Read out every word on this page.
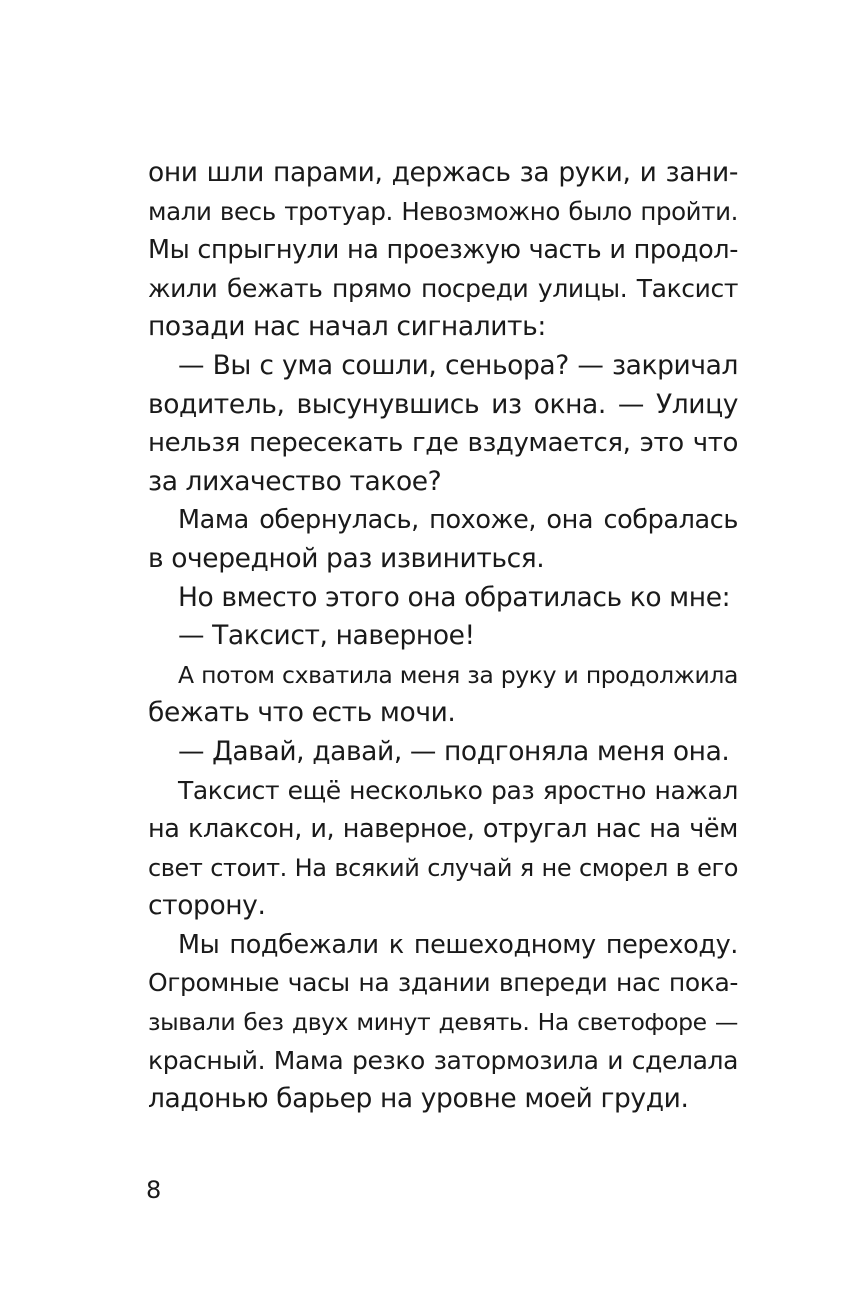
они шли парами, держась за руки, и зани-
мали весь тротуар. Невозможно было пройти.
Мы спрыгнули на проезжую часть и продол-
жили бежать прямо посреди улицы. Таксист
позади нас начал сигналить:
— Вы с ума сошли, сеньора? — закричал
водитель, высунувшись из окна. — Улицу
нельзя пересекать где вздумается, это что
за лихачество такое?
Мама обернулась, похоже, она собралась
в очередной раз извиниться.
Но вместо этого она обратилась ко мне:
— Таксист, наверное!
А потом схватила меня за руку и продолжила
бежать что есть мочи.
— Давай, давай, — подгоняла меня она.
Таксист ещё несколько раз яростно нажал
на клаксон, и, наверное, отругал нас на чём
свет стоит. На всякий случай я не сморел в его
сторону.
Мы подбежали к пешеходному переходу.
Огромные часы на здании впереди нас пока-
зывали без двух минут девять. На светофоре —
красный. Мама резко затормозила и сделала
ладонью барьер на уровне моей груди.
8
